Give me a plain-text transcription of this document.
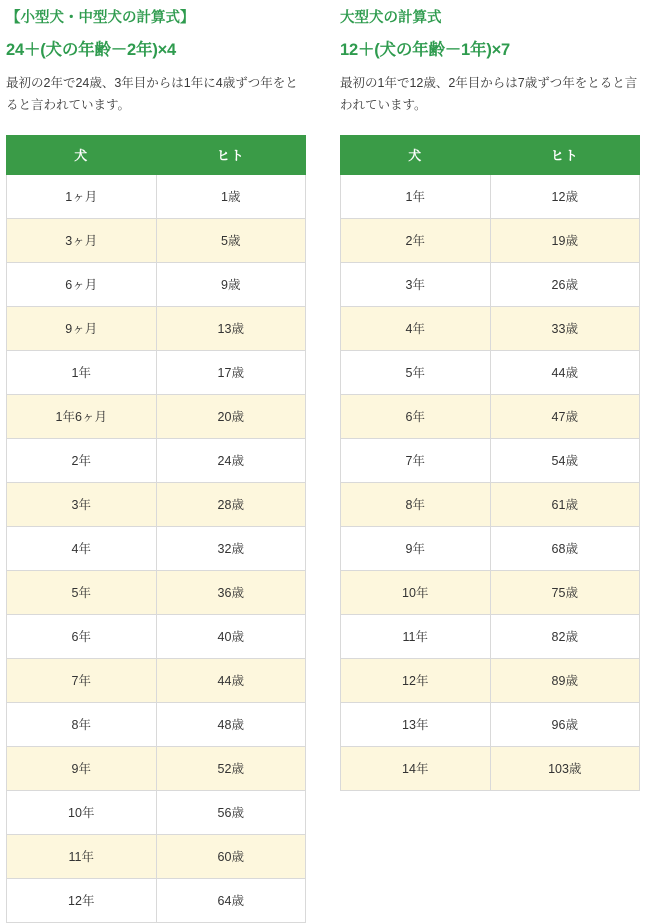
【小型犬・中型犬の計算式】
24＋(犬の年齢－2年)×4
最初の2年で24歳、3年目からは1年に4歳ずつ年をとると言われています。
犬	ヒト
1ヶ月	1歳
3ヶ月	5歳
6ヶ月	9歳
9ヶ月	13歳
1年	17歳
1年6ヶ月	20歳
2年	24歳
3年	28歳
4年	32歳
5年	36歳
6年	40歳
7年	44歳
8年	48歳
9年	52歳
10年	56歳
11年	60歳
12年	64歳
大型犬の計算式
12＋(犬の年齢－1年)×7
最初の1年で12歳、2年目からは7歳ずつ年をとると言われています。
犬	ヒト
1年	12歳
2年	19歳
3年	26歳
4年	33歳
5年	44歳
6年	47歳
7年	54歳
8年	61歳
9年	68歳
10年	75歳
11年	82歳
12年	89歳
13年	96歳
14年	103歳
